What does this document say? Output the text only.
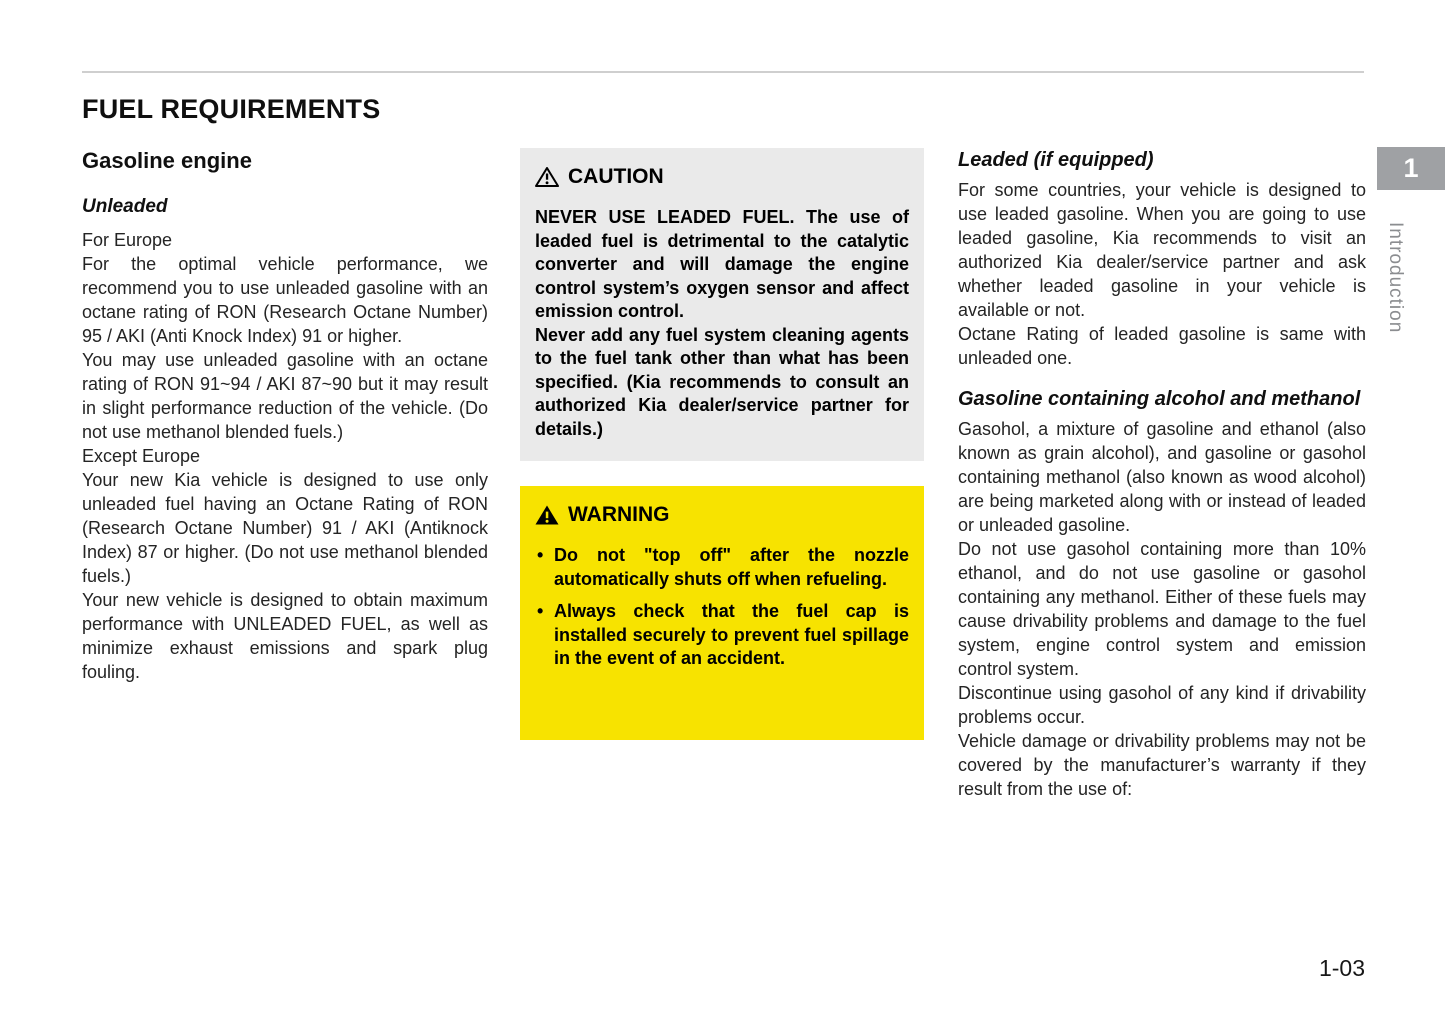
FUEL REQUIREMENTS
Gasoline engine
Unleaded

For Europe

For the optimal vehicle performance, we recommend you to use unleaded gasoline with an octane rating of RON (Research Octane Number) 95 / AKI (Anti Knock Index) 91 or higher.

You may use unleaded gasoline with an octane rating of RON 91~94 / AKI 87~90 but it may result in slight performance reduction of the vehicle. (Do not use methanol blended fuels.)

Except Europe

Your new Kia vehicle is designed to use only unleaded fuel having an Octane Rating of RON (Research Octane Number) 91 / AKI (Antiknock Index) 87 or higher. (Do not use methanol blended fuels.)

Your new vehicle is designed to obtain maximum performance with UNLEADED FUEL, as well as minimize exhaust emissions and spark plug fouling.

CAUTION

NEVER USE LEADED FUEL. The use of leaded fuel is detrimental to the catalytic converter and will damage the engine control system’s oxygen sensor and affect emission control.

Never add any fuel system cleaning agents to the fuel tank other than what has been specified. (Kia recommends to consult an authorized Kia dealer/service partner for details.)

WARNING
• Do not "top off" after the nozzle automatically shuts off when refueling.
• Always check that the fuel cap is installed securely to prevent fuel spillage in the event of an accident.
Leaded (if equipped)

For some countries, your vehicle is designed to use leaded gasoline. When you are going to use leaded gasoline, Kia recommends to visit an authorized Kia dealer/service partner and ask whether leaded gasoline in your vehicle is available or not.

Octane Rating of leaded gasoline is same with unleaded one.

Gasoline containing alcohol and methanol

Gasohol, a mixture of gasoline and ethanol (also known as grain alcohol), and gasoline or gasohol containing methanol (also known as wood alcohol) are being marketed along with or instead of leaded or unleaded gasoline.

Do not use gasohol containing more than 10% ethanol, and do not use gasoline or gasohol containing any methanol. Either of these fuels may cause drivability problems and damage to the fuel system, engine control system and emission control system.

Discontinue using gasohol of any kind if drivability problems occur.

Vehicle damage or drivability problems may not be covered by the manufacturer’s warranty if they result from the use of:

1
Introduction
1-03
